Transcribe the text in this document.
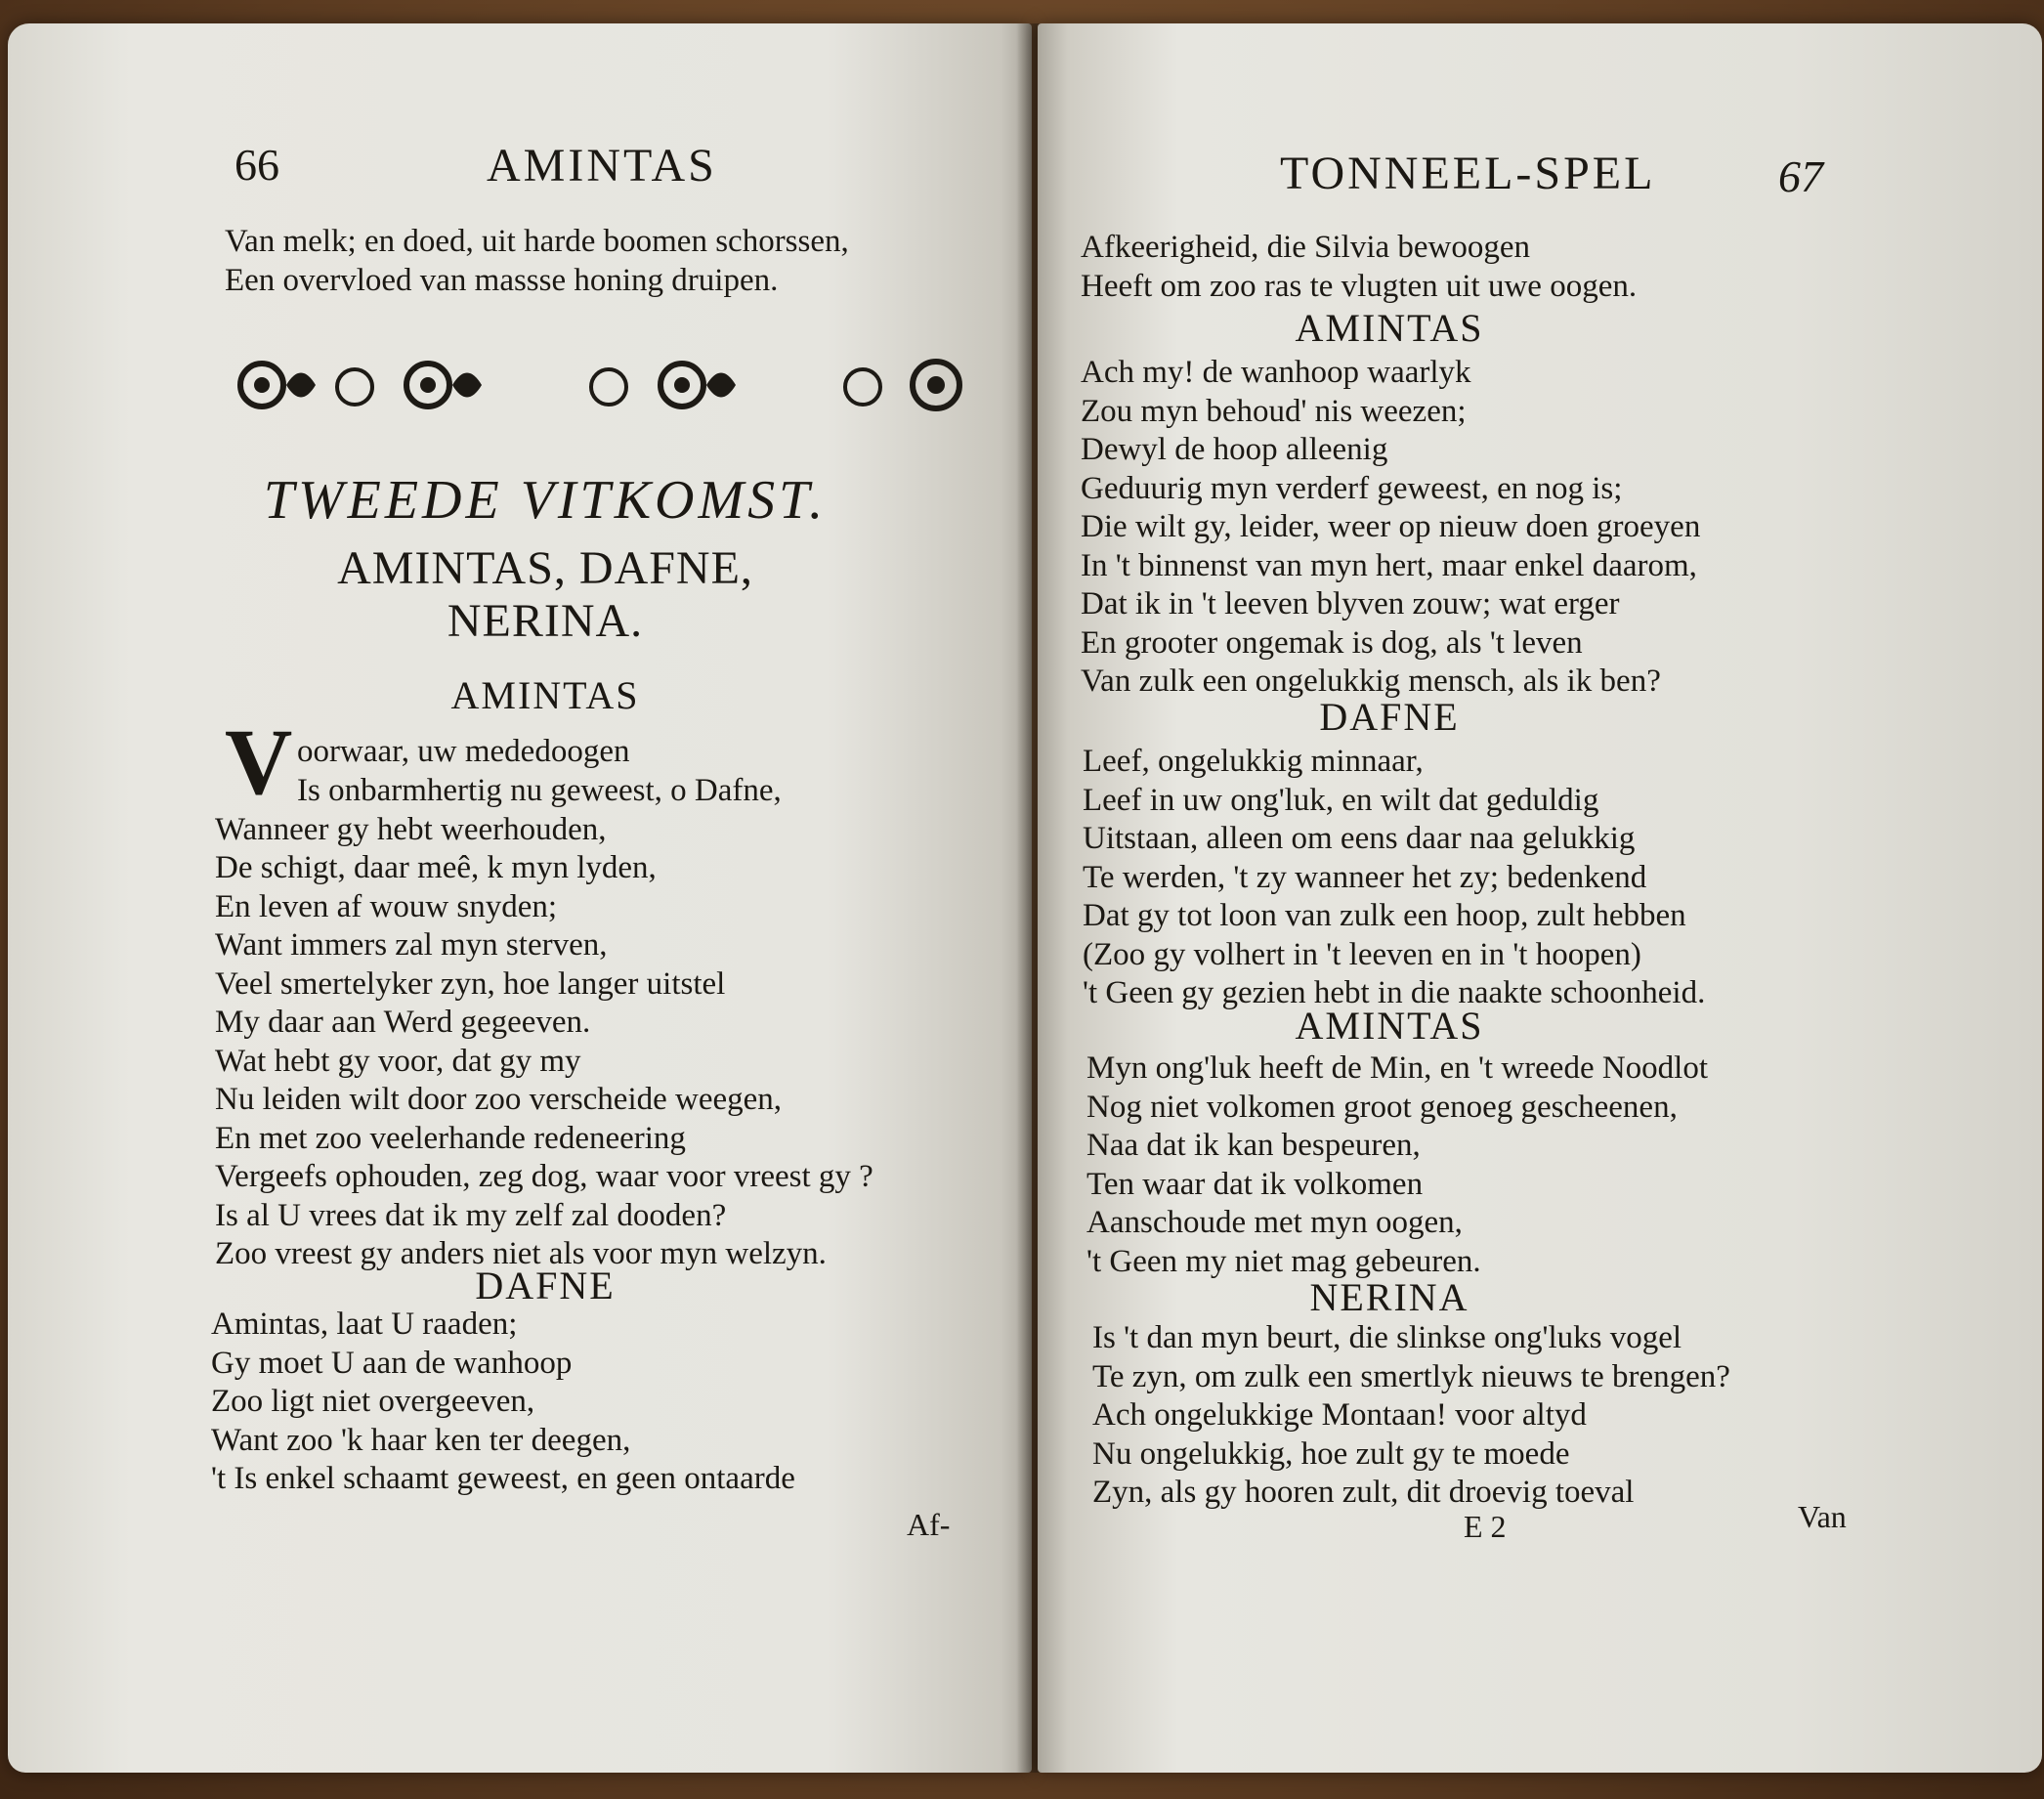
66	AMINTAS
Van melk; en doed, uit harde boomen schorssen,
Een overvloed van massse honing druipen.
TWEEDE VITKOMST.
AMINTAS, DAFNE,
NERINA.
AMINTAS
V oorwaar, uw mededoogen
Is onbarmhertig nu geweest, o Dafne,
Wanneer gy hebt weerhouden,
De schigt, daar meê, k myn lyden,
En leven af wouw snyden;
Want immers zal myn sterven,
Veel smertelyker zyn, hoe langer uitstel
My daar aan Werd gegeeven.
Wat hebt gy voor, dat gy my
Nu leiden wilt door zoo verscheide weegen,
En met zoo veelerhande redeneering
Vergeefs ophouden, zeg dog, waar voor vreest gy ?
Is al U vrees dat ik my zelf zal dooden?
Zoo vreest gy anders niet als voor myn welzyn.
DAFNE
Amintas, laat U raaden;
Gy moet U aan de wanhoop
Zoo ligt niet overgeeven,
Want zoo 'k haar ken ter deegen,
't Is enkel schaamt geweest, en geen ontaarde
Af-
TONNEEL-SPEL	67
Afkeerigheid, die Silvia bewoogen
Heeft om zoo ras te vlugten uit uwe oogen.
AMINTAS
Ach my! de wanhoop waarlyk
Zou myn behoud' nis weezen;
Dewyl de hoop alleenig
Geduurig myn verderf geweest, en nog is;
Die wilt gy, leider, weer op nieuw doen groeyen
In 't binnenst van myn hert, maar enkel daarom,
Dat ik in 't leeven blyven zouw; wat erger
En grooter ongemak is dog, als 't leven
Van zulk een ongelukkig mensch, als ik ben?
DAFNE
Leef, ongelukkig minnaar,
Leef in uw ong'luk, en wilt dat geduldig
Uitstaan, alleen om eens daar naa gelukkig
Te werden, 't zy wanneer het zy; bedenkend
Dat gy tot loon van zulk een hoop, zult hebben
(Zoo gy volhert in 't leeven en in 't hoopen)
't Geen gy gezien hebt in die naakte schoonheid.
AMINTAS
Myn ong'luk heeft de Min, en 't wreede Noodlot
Nog niet volkomen groot genoeg gescheenen,
Naa dat ik kan bespeuren,
Ten waar dat ik volkomen
Aanschoude met myn oogen,
't Geen my niet mag gebeuren.
NERINA
Is 't dan myn beurt, die slinkse ong'luks vogel
Te zyn, om zulk een smertlyk nieuws te brengen?
Ach ongelukkige Montaan! voor altyd
Nu ongelukkig, hoe zult gy te moede
Zyn, als gy hooren zult, dit droevig toeval
E 2	Van
